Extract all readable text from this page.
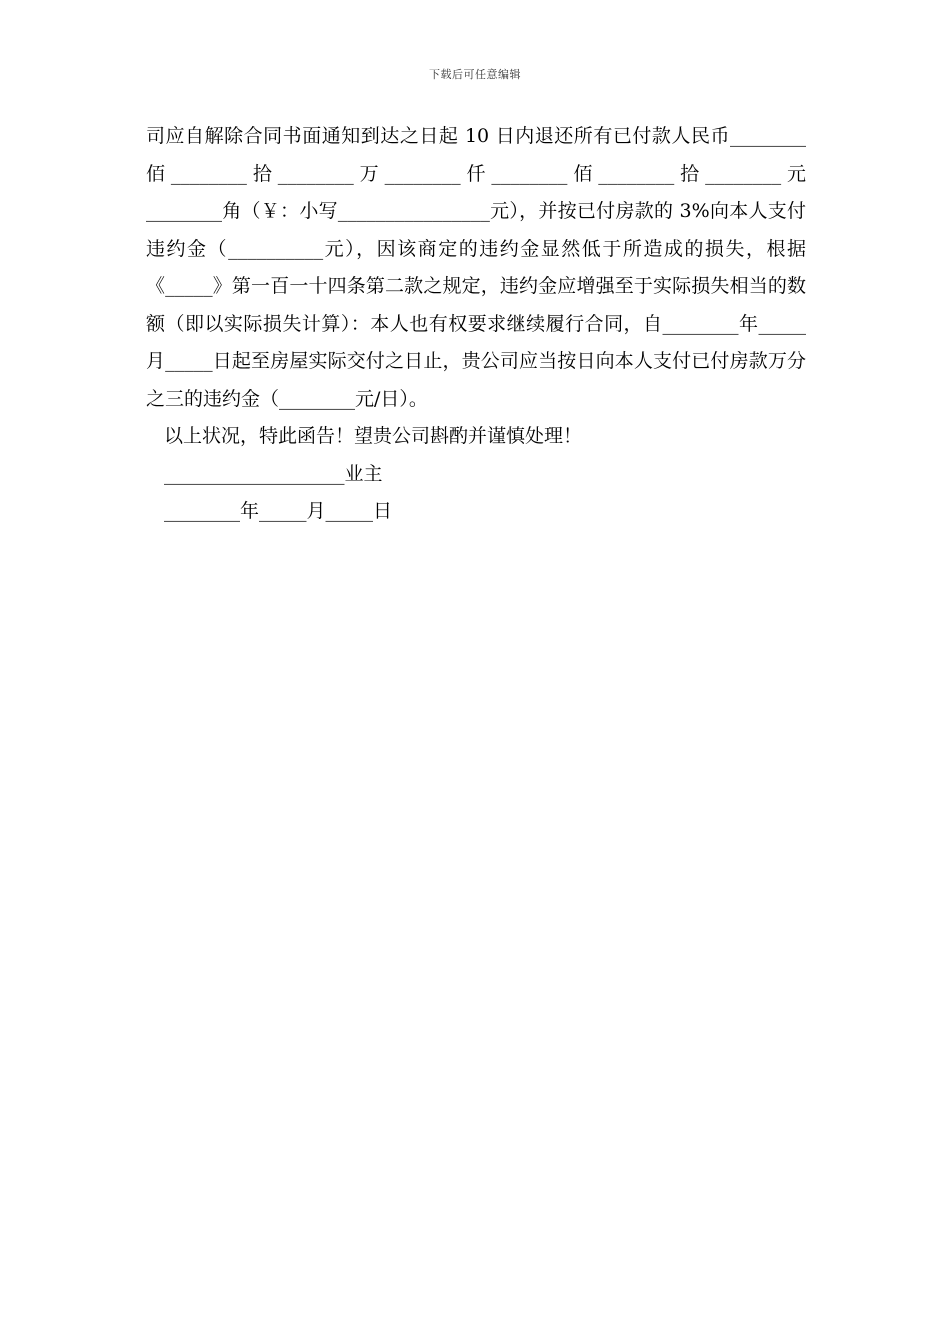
下载后可任意编辑

司应自解除合同书面通知到达之日起 10 日内退还所有已付款人民币________佰________拾________万________仟________佰________拾________元________角（￥：小写________________元），并按已付房款的 3%向本人支付违约金（__________元），因该商定的违约金显然低于所造成的损失，根据《_____》第一百一十四条第二款之规定，违约金应增强至于实际损失相当的数额（即以实际损失计算）：本人也有权要求继续履行合同，自________年_____月_____日起至房屋实际交付之日止，贵公司应当按日向本人支付已付房款万分之三的违约金（________元/日）。

以上状况，特此函告！望贵公司斟酌并谨慎处理！

___________________业主

________年_____月_____日
